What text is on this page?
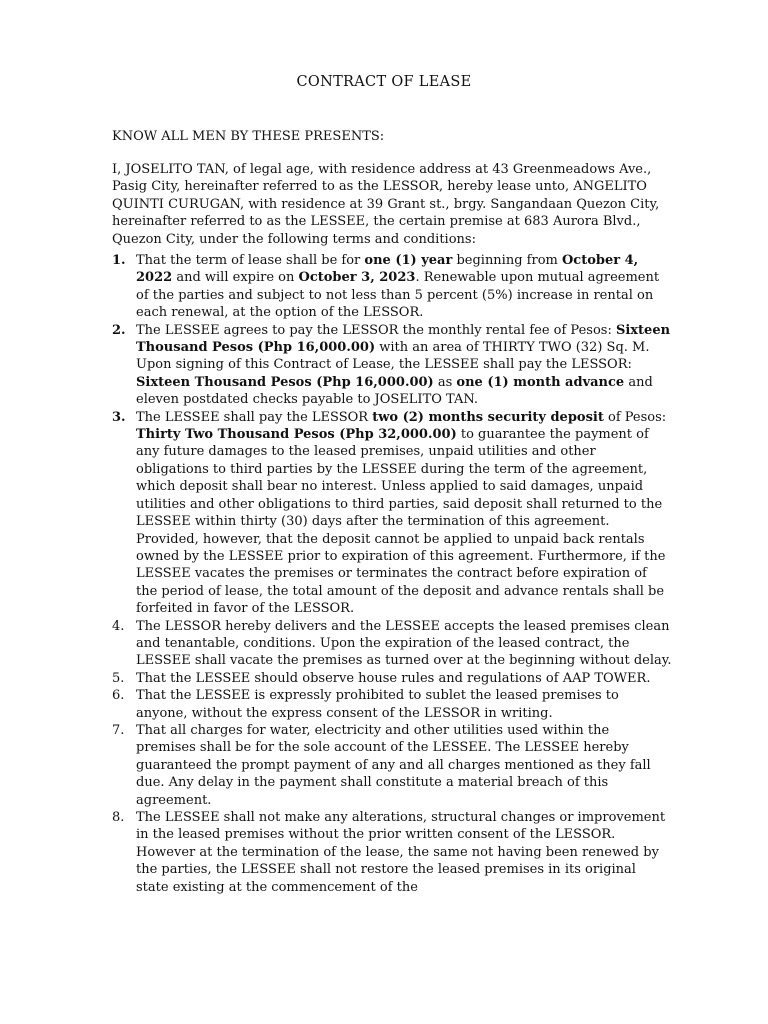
CONTRACT OF LEASE
KNOW ALL MEN BY THESE PRESENTS:
I, JOSELITO TAN, of legal age, with residence address at 43 Greenmeadows Ave., Pasig City, hereinafter referred to as the LESSOR, hereby lease unto, ANGELITO QUINTI CURUGAN, with residence at 39 Grant st., brgy. Sangandaan Quezon City, hereinafter referred to as the LESSEE, the certain premise at 683 Aurora Blvd., Quezon City, under the following terms and conditions:
1. That the term of lease shall be for one (1) year beginning from October 4, 2022 and will expire on October 3, 2023. Renewable upon mutual agreement of the parties and subject to not less than 5 percent (5%) increase in rental on each renewal, at the option of the LESSOR.
2. The LESSEE agrees to pay the LESSOR the monthly rental fee of Pesos: Sixteen Thousand Pesos (Php 16,000.00) with an area of THIRTY TWO (32) Sq. M. Upon signing of this Contract of Lease, the LESSEE shall pay the LESSOR: Sixteen Thousand Pesos (Php 16,000.00) as one (1) month advance and eleven postdated checks payable to JOSELITO TAN.
3. The LESSEE shall pay the LESSOR two (2) months security deposit of Pesos: Thirty Two Thousand Pesos (Php 32,000.00) to guarantee the payment of any future damages to the leased premises, unpaid utilities and other obligations to third parties by the LESSEE during the term of the agreement, which deposit shall bear no interest. Unless applied to said damages, unpaid utilities and other obligations to third parties, said deposit shall returned to the LESSEE within thirty (30) days after the termination of this agreement. Provided, however, that the deposit cannot be applied to unpaid back rentals owned by the LESSEE prior to expiration of this agreement. Furthermore, if the LESSEE vacates the premises or terminates the contract before expiration of the period of lease, the total amount of the deposit and advance rentals shall be forfeited in favor of the LESSOR.
4. The LESSOR hereby delivers and the LESSEE accepts the leased premises clean and tenantable, conditions. Upon the expiration of the leased contract, the LESSEE shall vacate the premises as turned over at the beginning without delay.
5. That the LESSEE should observe house rules and regulations of AAP TOWER.
6. That the LESSEE is expressly prohibited to sublet the leased premises to anyone, without the express consent of the LESSOR in writing.
7. That all charges for water, electricity and other utilities used within the premises shall be for the sole account of the LESSEE. The LESSEE hereby guaranteed the prompt payment of any and all charges mentioned as they fall due. Any delay in the payment shall constitute a material breach of this agreement.
8. The LESSEE shall not make any alterations, structural changes or improvement in the leased premises without the prior written consent of the LESSOR. However at the termination of the lease, the same not having been renewed by the parties, the LESSEE shall not restore the leased premises in its original state existing at the commencement of the
